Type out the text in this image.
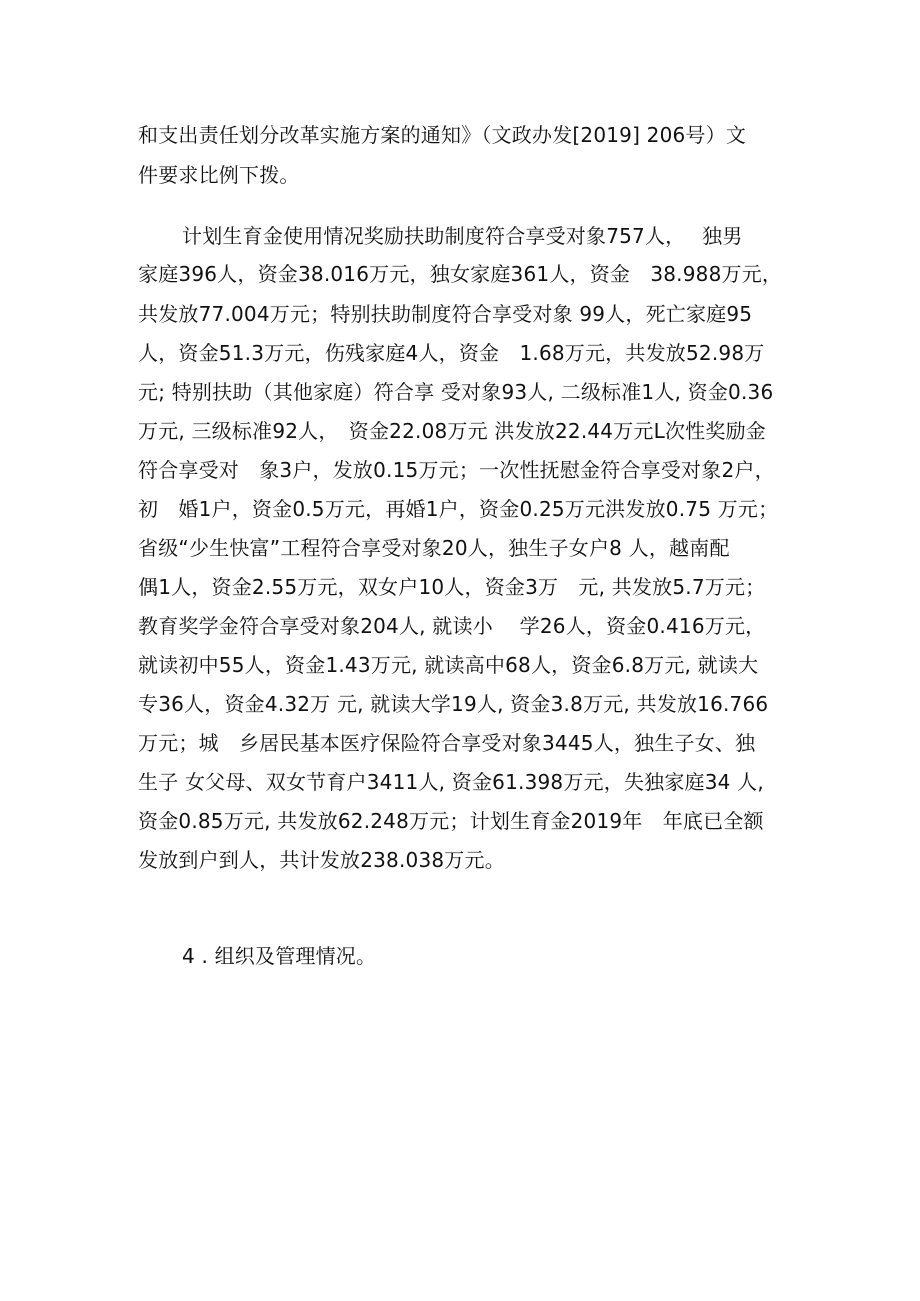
和支出责任划分改革实施方案的通知》（文政办发[2019] 206号）文
件要求比例下拨。
计划生育金使用情况奖励扶助制度符合享受对象757人，　 独男
家庭396人，资金38.016万元，独女家庭361人，资金　38.988万元，
共发放77.004万元；特别扶助制度符合享受对象 99人，死亡家庭95
人，资金51.3万元，伤残家庭4人，资金　1.68万元，共发放52.98万
元; 特别扶助（其他家庭）符合享 受对象93人, 二级标准1人, 资金0.36
万元, 三级标准92人，　资金22.08万元 洪发放22.44万元L次性奖励金
符合享受对　象3户，发放0.15万元；一次性抚慰金符合享受对象2户，
初　婚1户，资金0.5万元，再婚1户，资金0.25万元洪发放0.75 万元；
省级“少生快富”工程符合享受对象20人，独生子女户8 人，越南配
偶1人，资金2.55万元，双女户10人，资金3万　元, 共发放5.7万元；
教育奖学金符合享受对象204人, 就读小　 学26人，资金0.416万元，
就读初中55人，资金1.43万元, 就读高中68人，资金6.8万元, 就读大
专36人，资金4.32万 元, 就读大学19人, 资金3.8万元, 共发放16.766
万元；城　乡居民基本医疗保险符合享受对象3445人，独生子女、独
生子 女父母、双女节育户3411人, 资金61.398万元，失独家庭34 人,
资金0.85万元, 共发放62.248万元；计划生育金2019年　年底已全额
发放到户到人，共计发放238.038万元。
4 . 组织及管理情况。
